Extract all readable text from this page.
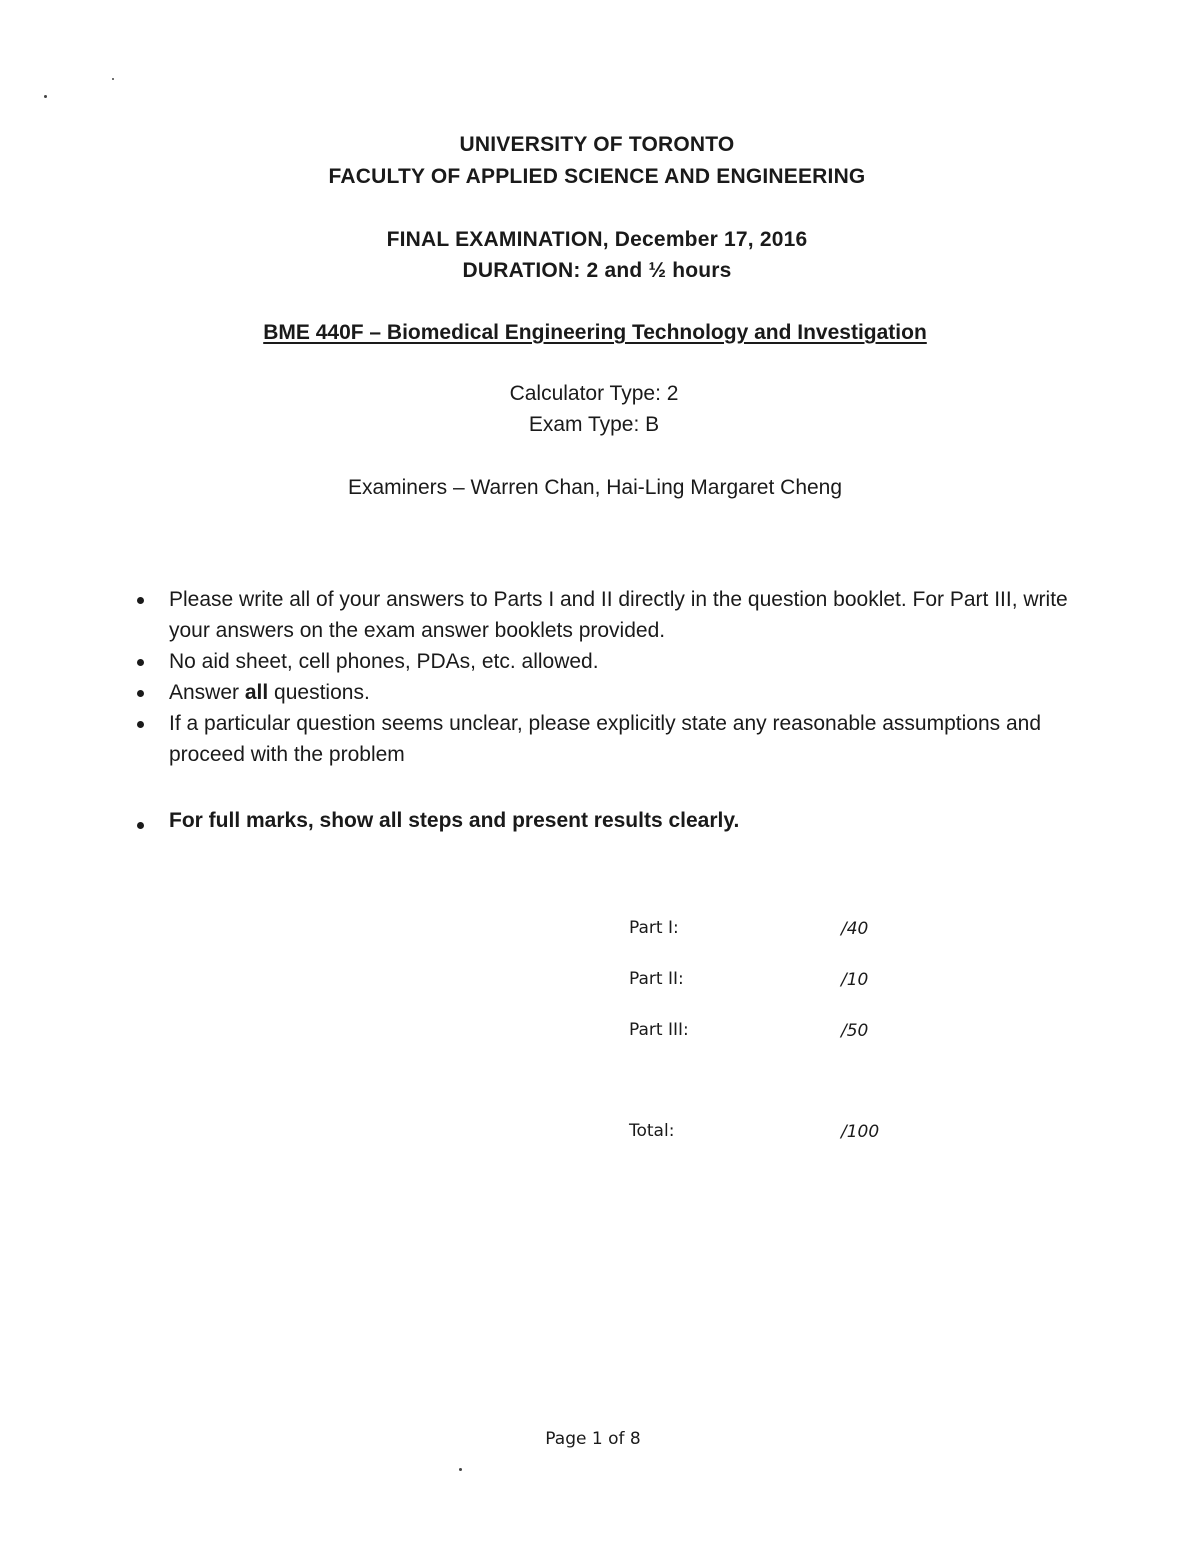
UNIVERSITY OF TORONTO
FACULTY OF APPLIED SCIENCE AND ENGINEERING
FINAL EXAMINATION, December 17, 2016
DURATION: 2 and ½ hours
BME 440F – Biomedical Engineering Technology and Investigation
Calculator Type: 2
Exam Type: B
Examiners – Warren Chan, Hai-Ling Margaret Cheng
Please write all of your answers to Parts I and II directly in the question booklet. For Part III, write your answers on the exam answer booklets provided.
No aid sheet, cell phones, PDAs, etc. allowed.
Answer all questions.
If a particular question seems unclear, please explicitly state any reasonable assumptions and proceed with the problem
For full marks, show all steps and present results clearly.
Part I:	/40
Part II:	/10
Part III:	/50
Total:	/100
Page 1 of 8
